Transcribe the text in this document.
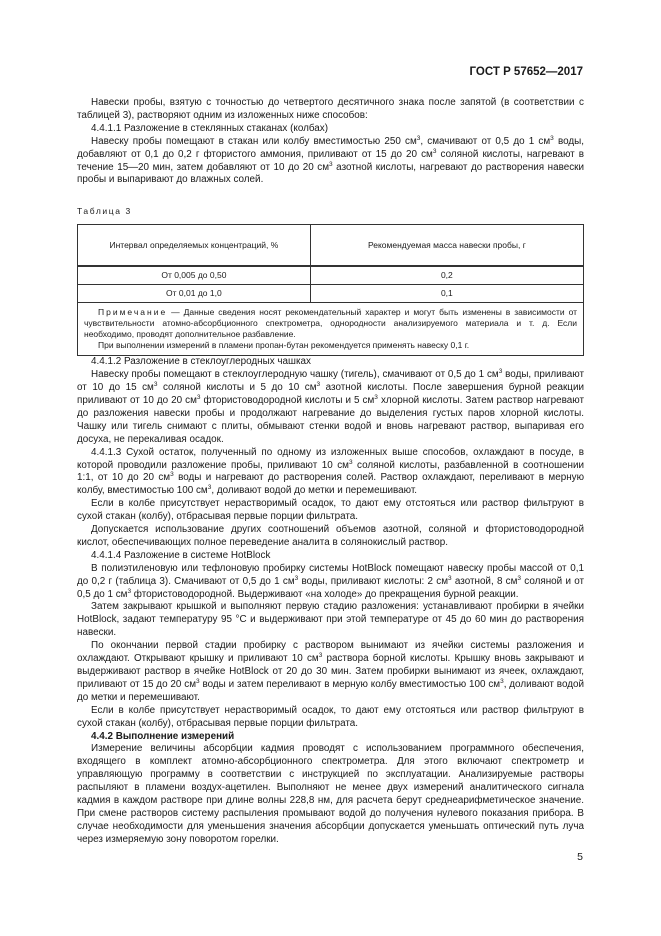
ГОСТ Р 57652—2017

Навески пробы, взятую с точностью до четвертого десятичного знака после запятой (в соответствии с таблицей 3), растворяют одним из изложенных ниже способов:

4.4.1.1 Разложение в стеклянных стаканах (колбах)

Навеску пробы помещают в стакан или колбу вместимостью 250 $см^3$, смачивают от 0,5 до 1 $см^3$ воды, добавляют от 0,1 до 0,2 г фтористого аммония, приливают от 15 до 20 $см^3$ соляной кислоты, нагревают в течение 15—20 мин, затем добавляют от 10 до 20 $см^3$ азотной кислоты, нагревают до растворения навески пробы и выпаривают до влажных солей.

Таблица 3
Интервал определяемых концентраций, %	Рекомендуемая масса навески пробы, г
От 0,005 до 0,50	0,2
От 0,01 до 1,0	0,1

Примечание — Данные сведения носят рекомендательный характер и могут быть изменены в зависимости от чувствительности атомно-абсорбционного спектрометра, однородности анализируемого материала и т. д. Если необходимо, проводят дополнительное разбавление.
При выполнении измерений в пламени пропан-бутан рекомендуется применять навеску 0,1 г.	

4.4.1.2 Разложение в стеклоуглеродных чашках

Навеску пробы помещают в стеклоуглеродную чашку (тигель), смачивают от 0,5 до 1 $см^3$ воды, приливают от 10 до 15 $см^3$ соляной кислоты и 5 до 10 $см^3$ азотной кислоты. После завершения бурной реакции приливают от 10 до 20 $см^3$ фтористоводородной кислоты и 5 $см^3$ хлорной кислоты. Затем раствор нагревают до разложения навески пробы и продолжают нагревание до выделения густых паров хлорной кислоты. Чашку или тигель снимают с плиты, обмывают стенки водой и вновь нагревают раствор, выпаривая его досуха, не перекаливая осадок.

4.4.1.3 Сухой остаток, полученный по одному из изложенных выше способов, охлаждают в посуде, в которой проводили разложение пробы, приливают 10 $см^3$ соляной кислоты, разбавленной в соотношении 1:1, от 10 до 20 $см^3$ воды и нагревают до растворения солей. Раствор охлаждают, переливают в мерную колбу, вместимостью 100 $см^3$, доливают водой до метки и перемешивают.

Если в колбе присутствует нерастворимый осадок, то дают ему отстояться или раствор фильтруют в сухой стакан (колбу), отбрасывая первые порции фильтрата.

Допускается использование других соотношений объемов азотной, соляной и фтористоводородной кислот, обеспечивающих полное переведение аналита в солянокислый раствор.

4.4.1.4 Разложение в системе HotBlock

В полиэтиленовую или тефлоновую пробирку системы HotBlock помещают навеску пробы массой от 0,1 до 0,2 г (таблица 3). Смачивают от 0,5 до 1 $см^3$ воды, приливают кислоты: 2 $см^3$ азотной, 8 $см^3$ соляной и от 0,5 до 1 $см^3$ фтористоводородной. Выдерживают «на холоде» до прекращения бурной реакции.

Затем закрывают крышкой и выполняют первую стадию разложения: устанавливают пробирки в ячейки HotBlock, задают температуру 95 °С и выдерживают при этой температуре от 45 до 60 мин до растворения навески.

По окончании первой стадии пробирку с раствором вынимают из ячейки системы разложения и охлаждают. Открывают крышку и приливают 10 $см^3$ раствора борной кислоты. Крышку вновь закрывают и выдерживают раствор в ячейке HotBlock от 20 до 30 мин. Затем пробирки вынимают из ячеек, охлаждают, приливают от 15 до 20 $см^3$ воды и затем переливают в мерную колбу вместимостью 100 $см^3$, доливают водой до метки и перемешивают.

Если в колбе присутствует нерастворимый осадок, то дают ему отстояться или раствор фильтруют в сухой стакан (колбу), отбрасывая первые порции фильтрата.

4.4.2 Выполнение измерений

Измерение величины абсорбции кадмия проводят с использованием программного обеспечения, входящего в комплект атомно-абсорбционного спектрометра. Для этого включают спектрометр и управляющую программу в соответствии с инструкцией по эксплуатации. Анализируемые растворы распыляют в пламени воздух-ацетилен. Выполняют не менее двух измерений аналитического сигнала кадмия в каждом растворе при длине волны 228,8 нм, для расчета берут среднеарифметическое значение. При смене растворов систему распыления промывают водой до получения нулевого показания прибора. В случае необходимости для уменьшения значения абсорбции допускается уменьшать оптический путь луча через измеряемую зону поворотом горелки.

5
